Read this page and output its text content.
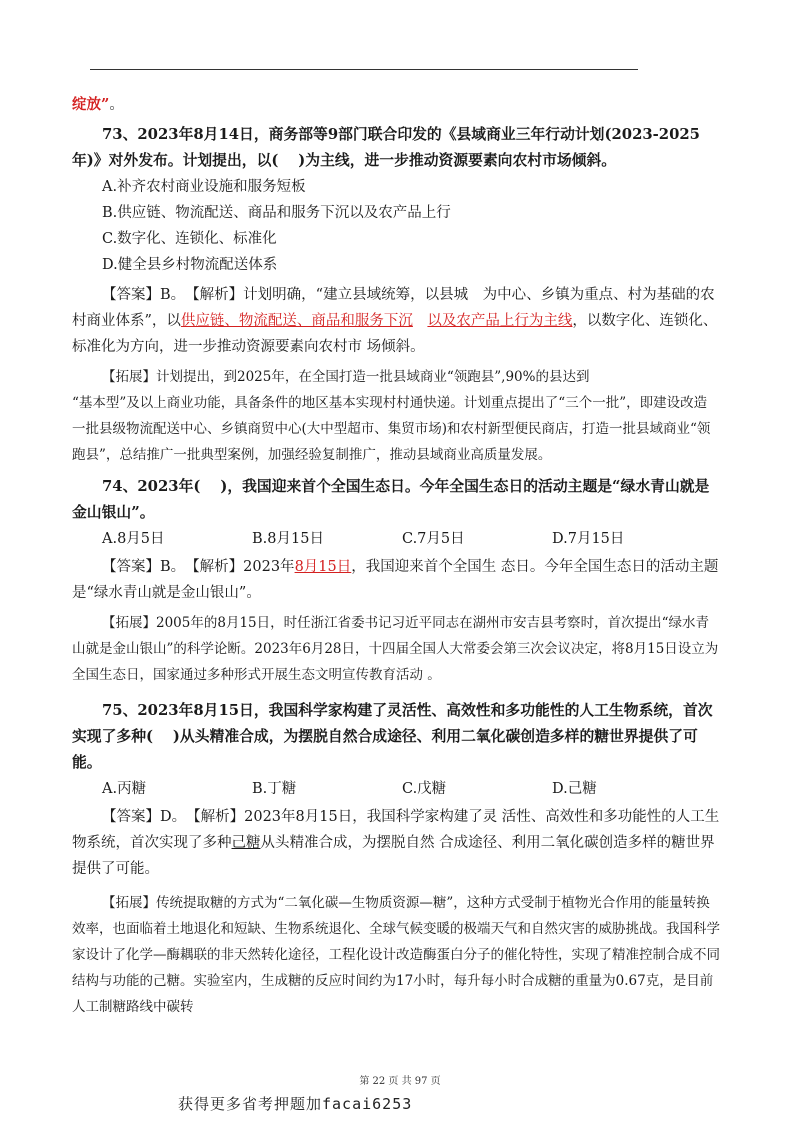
绽放”。

73、2023年8月14日，商务部等9部门联合印发的《县域商业三年行动计划(2023-2025年)》对外发布。计划提出，以(　 )为主线，进一步推动资源要素向农村市场倾斜。

A.补齐农村商业设施和服务短板

B.供应链、物流配送、商品和服务下沉以及农产品上行

C.数字化、连锁化、标准化

D.健全县乡村物流配送体系

【答案】B。　【解析】计划明确，“建立县域统筹，以县城　为中心、乡镇为重点、村为基础的农村商业体系”，以供应链、物流配送、商品和服务下沉　 以及农产品上行为主线，以数字化、连锁化、标准化为方向，进一步推动资源要素向农村市 场倾斜。

【拓展】计划提出，到2025年，在全国打造一批县域商业“领跑县”,90%的县达到

“基本型”及以上商业功能，具备条件的地区基本实现村村通快递。计划重点提出了“三个一批”，即建设改造一批县级物流配送中心、乡镇商贸中心(大中型超市、集贸市场)和农村新型便民商店，打造一批县域商业“领跑县”，总结推广一批典型案例，加强经验复制推广，推动县域商业高质量发展。

74、2023年(　 )，我国迎来首个全国生态日。今年全国生态日的活动主题是“绿水青山就是金山银山”。

A.8月5日	B.8月15日	C.7月5日	D.7月15日

【答案】B。　【解析】2023年8月15日，我国迎来首个全国生 态日。今年全国生态日的活动主题是“绿水青山就是金山银山”。

【拓展】2005年的8月15日，时任浙江省委书记习近平同志在湖州市安吉县考察时，首次提出“绿水青山就是金山银山”的科学论断。2023年6月28日，十四届全国人大常委会第三次会议决定，将8月15日设立为全国生态日，国家通过多种形式开展生态文明宣传教育活动 。

75、2023年8月15日，我国科学家构建了灵活性、高效性和多功能性的人工生物系统，首次实现了多种(　 )从头精准合成，为摆脱自然合成途径、利用二氧化碳创造多样的糖世界提供了可能。

A.丙糖	B.丁糖	C.戊糖	D.己糖

【答案】D。　【解析】2023年8月15日，我国科学家构建了灵 活性、高效性和多功能性的人工生物系统，首次实现了多种己糖从头精准合成，为摆脱自然 合成途径、利用二氧化碳创造多样的糖世界提供了可能。

【拓展】传统提取糖的方式为“二氧化碳—生物质资源—糖”，这种方式受制于植物光合作用的能量转换效率，也面临着土地退化和短缺、生物系统退化、全球气候变暖的极端天气和自然灾害的威胁挑战。我国科学家设计了化学—酶耦联的非天然转化途径，工程化设计改造酶蛋白分子的催化特性，实现了精准控制合成不同结构与功能的己糖。实验室内，生成糖的反应时间约为17小时，每升每小时合成糖的重量为0.67克，是目前人工制糖路线中碳转

第 22 页 共 97 页
获得更多省考押题加facai6253
